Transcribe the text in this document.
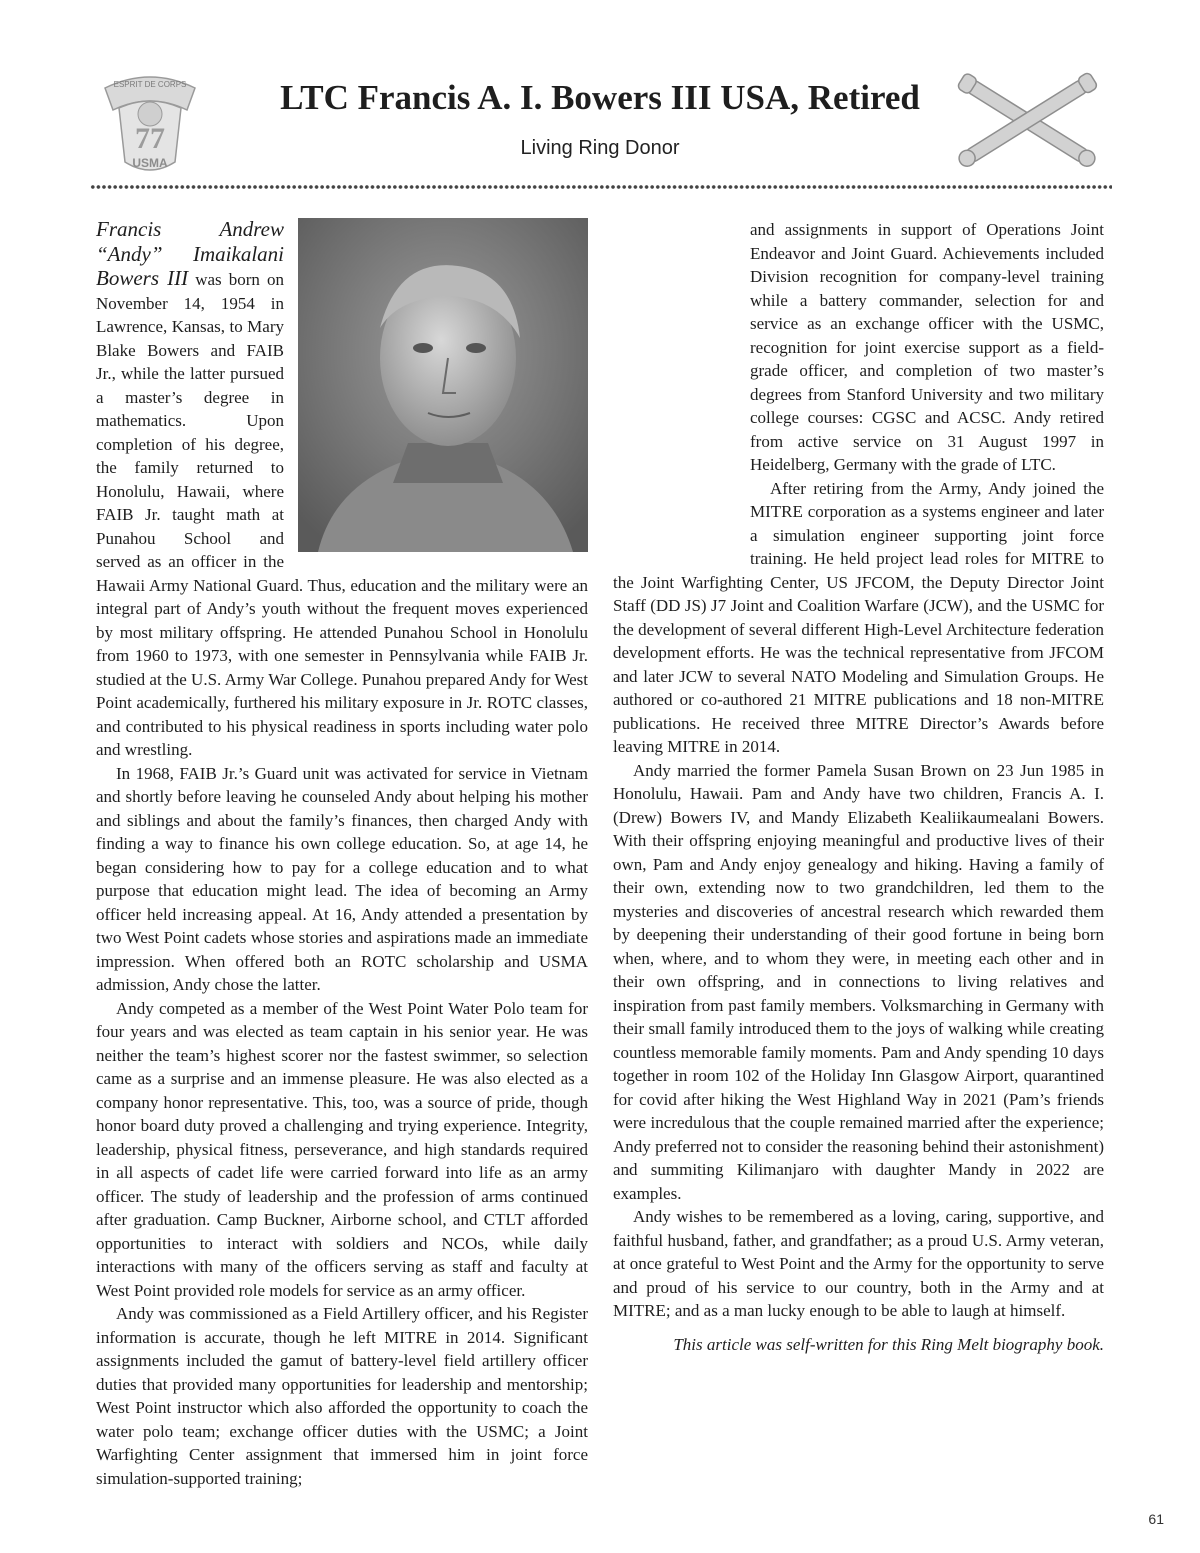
ESPRIT DE CORPS
77
USMA
LTC Francis A. I. Bowers III USA, Retired
Living Ring Donor

Francis Andrew “Andy” Imaikalani Bowers III was born on November 14, 1954 in Lawrence, Kansas, to Mary Blake Bowers and FAIB Jr., while the latter pursued a master’s degree in mathematics. Upon completion of his degree, the family returned to Honolulu, Hawaii, where FAIB Jr. taught math at Punahou School and served as an officer in the Hawaii Army National Guard. Thus, education and the military were an integral part of Andy’s youth without the frequent moves experienced by most military offspring. He attended Punahou School in Honolulu from 1960 to 1973, with one semester in Pennsylvania while FAIB Jr. studied at the U.S. Army War College. Punahou prepared Andy for West Point academically, furthered his military exposure in Jr. ROTC classes, and contributed to his physical readiness in sports including water polo and wrestling.

In 1968, FAIB Jr.’s Guard unit was activated for service in Vietnam and shortly before leaving he counseled Andy about helping his mother and siblings and about the family’s finances, then charged Andy with finding a way to finance his own college education. So, at age 14, he began considering how to pay for a college education and to what purpose that education might lead. The idea of becoming an Army officer held increasing appeal. At 16, Andy attended a presentation by two West Point cadets whose stories and aspirations made an immediate impression. When offered both an ROTC scholarship and USMA admission, Andy chose the latter.

Andy competed as a member of the West Point Water Polo team for four years and was elected as team captain in his senior year. He was neither the team’s highest scorer nor the fastest swimmer, so selection came as a surprise and an immense pleasure. He was also elected as a company honor representative. This, too, was a source of pride, though honor board duty proved a challenging and trying experience. Integrity, leadership, physical fitness, perseverance, and high standards required in all aspects of cadet life were carried forward into life as an army officer. The study of leadership and the profession of arms continued after graduation. Camp Buckner, Airborne school, and CTLT afforded opportunities to interact with soldiers and NCOs, while daily interactions with many of the officers serving as staff and faculty at West Point provided role models for service as an army officer.

Andy was commissioned as a Field Artillery officer, and his Register information is accurate, though he left MITRE in 2014. Significant assignments included the gamut of battery-level field artillery officer duties that provided many opportunities for leadership and mentorship; West Point instructor which also afforded the opportunity to coach the water polo team; exchange officer duties with the USMC; a Joint Warfighting Center assignment that immersed him in joint force simulation-supported training;

and assignments in support of Operations Joint Endeavor and Joint Guard. Achievements included Division recognition for company-level training while a battery commander, selection for and service as an exchange officer with the USMC, recognition for joint exercise support as a field-grade officer, and completion of two master’s degrees from Stanford University and two military college courses: CGSC and ACSC. Andy retired from active service on 31 August 1997 in Heidelberg, Germany with the grade of LTC.

After retiring from the Army, Andy joined the MITRE corporation as a systems engineer and later a simulation engineer supporting joint force training. He held project lead roles for MITRE to the Joint Warfighting Center, US JFCOM, the Deputy Director Joint Staff (DD JS) J7 Joint and Coalition Warfare (JCW), and the USMC for the development of several different High-Level Architecture federation development efforts. He was the technical representative from JFCOM and later JCW to several NATO Modeling and Simulation Groups. He authored or co-authored 21 MITRE publications and 18 non-MITRE publications. He received three MITRE Director’s Awards before leaving MITRE in 2014.

Andy married the former Pamela Susan Brown on 23 Jun 1985 in Honolulu, Hawaii. Pam and Andy have two children, Francis A. I. (Drew) Bowers IV, and Mandy Elizabeth Kealiikaumealani Bowers. With their offspring enjoying meaningful and productive lives of their own, Pam and Andy enjoy genealogy and hiking. Having a family of their own, extending now to two grandchildren, led them to the mysteries and discoveries of ancestral research which rewarded them by deepening their understanding of their good fortune in being born when, where, and to whom they were, in meeting each other and in their own offspring, and in connections to living relatives and inspiration from past family members. Volksmarching in Germany with their small family introduced them to the joys of walking while creating countless memorable family moments. Pam and Andy spending 10 days together in room 102 of the Holiday Inn Glasgow Airport, quarantined for covid after hiking the West Highland Way in 2021 (Pam’s friends were incredulous that the couple remained married after the experience; Andy preferred not to consider the reasoning behind their astonishment) and summiting Kilimanjaro with daughter Mandy in 2022 are examples.

Andy wishes to be remembered as a loving, caring, supportive, and faithful husband, father, and grandfather; as a proud U.S. Army veteran, at once grateful to West Point and the Army for the opportunity to serve and proud of his service to our country, both in the Army and at MITRE; and as a man lucky enough to be able to laugh at himself.

This article was self-written for this Ring Melt biography book.

61
